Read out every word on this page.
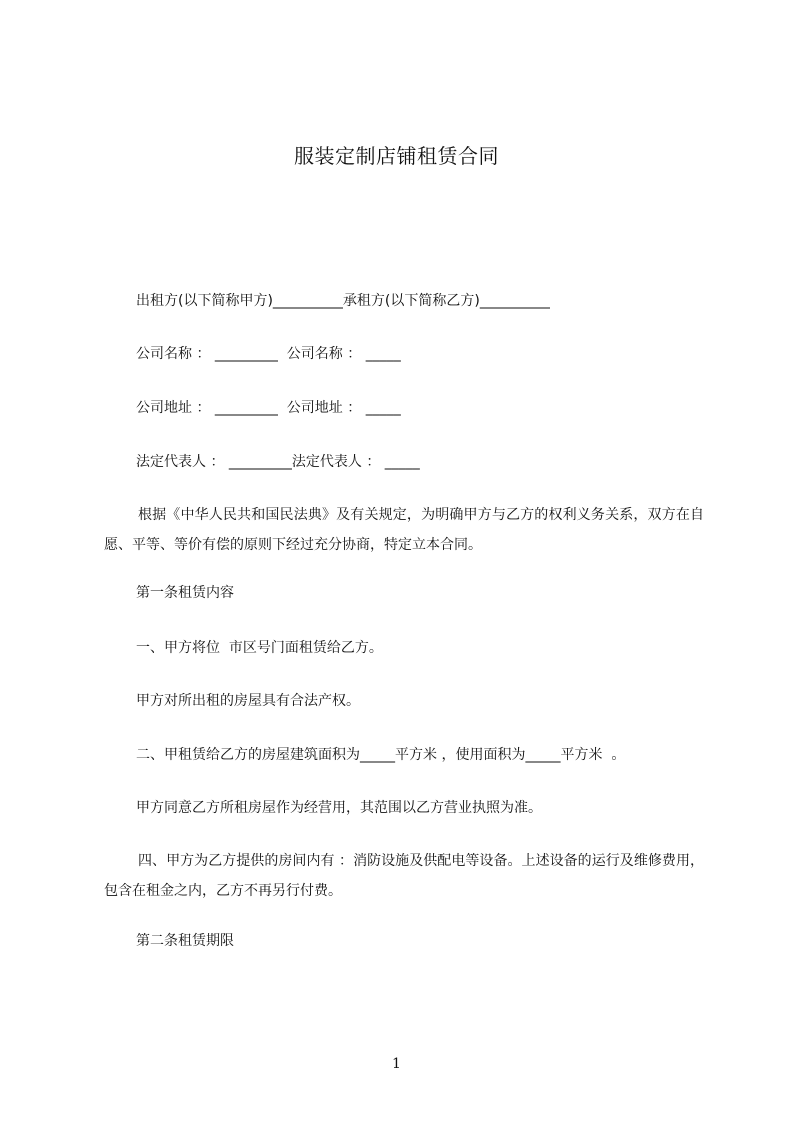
服装定制店铺租赁合同
出租方(以下简称甲方)__________承租方(以下简称乙方)__________
公司名称 ： _________  公司名称 ： _____
公司地址 ： _________  公司地址 ： _____
法定代表人 ： _________法定代表人 ： _____
根据《中华人民共和国民法典》及有关规定，为明确甲方与乙方的权利义务关系，双方在自愿、平等、等价有偿的原则下经过充分协商，特定立本合同。
第一条租赁内容
一、甲方将位  市区号门面租赁给乙方。
甲方对所出租的房屋具有合法产权。
二、甲租赁给乙方的房屋建筑面积为_____平方米 ，使用面积为_____平方米  。
甲方同意乙方所租房屋作为经营用，其范围以乙方营业执照为准。
四、甲方为乙方提供的房间内有 ：消防设施及供配电等设备。上述设备的运行及维修费用，包含在租金之内，乙方不再另行付费。
第二条租赁期限
1
